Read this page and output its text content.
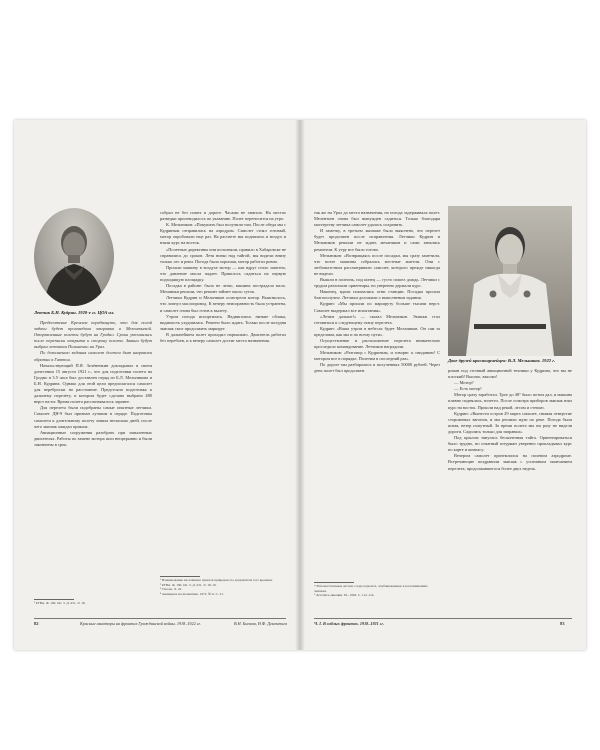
Летчик Б.Н. Кудрин. 1920-е гг. ЦОА ил.

Предпочтение Кремлем передвинуто, что для полой задачи будет произведена отправка в Мелентьевой. Отправленные полеты будут на Гродно. Сроки уточнились после переписки открыта и сторону полета. Звании будут выбран летчиком Полыненко на Урал.

По дополнению задания самолет должен быт направлен обратно в Гаттон.

Начальствующий П.Я. Зелёненкин докладывал в своем донесении 15 августа 1921 г., что для подготовки полета на Гродно в 3.5 часа был доставлен отряд из Б.Л. Мельникова и Б.Н. Кудрина. Однако для этой цели предполагался самолет для переброски на расстояние. Предстояла подготовка к дальнему перелёту, в котором будет сделано выбрано 480 верст на юг. Время полета рассчитывалось заранее.

Для перелета были подобраны самые опытные летчики. Самолет ДН-9 был признан лучшим в отряде. Подготовка самолета к длительному полету заняла несколько дней, после чего экипаж ожидал приказа.

Авиационные сооружения разобрать при запыленных двигателях. Работы по замене мотора шли непрерывно и были закончены в срок.

¹ РГВА. Ф. 190. Оп. 3. Д. 431. Л. 16.

собрал не без помех в дороге. Часами не хватало. На местах разведки производилось по указанию. Полет переносится на утро.

К. Мельников: «Покушать был получили там. После обеда мы с Кудриным отправились на аэродром. Самолет стоял готовый, мотор опробовали еще раз. На рассвете мы поднялись в воздух и взяли курс на восток.

«Полетные директивы они исполняли, правило в Хабаровске не справились до сроков. Летя низко над тайгой, мы видели внизу только лес и реки. Погода была хорошая, мотор работал ровно.

Прошли машину в воздухе мотор — как вдруг стало заметно, что давление масла падает. Пришлось садиться на первую подходящую площадку.

Посадка в районе: было не легко, машина пострадала мало. Механики решали, что ремонт займет около суток.

Летчики Кудрин и Мельников осмотрели мотор. Выяснилось, что лопнул маслопровод. К вечеру неисправность была устранена, и самолет снова был готов к вылету.

Утром погода испортилась. Надвигались низкие облака, видимость ухудшилась. Решено было ждать. Только после полудня экипаж смог продолжить маршрут.

В дальнейшем полет проходил нормально. Двигатель работал без перебоев, и к вечеру самолет достиг места назначения.

¹ Наименование населённых пунктов приведено по документам того времени.
² РГВА. Ф. 190. Оп. 3. Д. 431. Л. 18–19.
³ Там же. Л. 22.
⁴ Авиация и космонавтика. 1972. № 6. С. 31.
82	Красные авиаторы на фронтах Гражданской войны. 1918–1922 гг.	В.Н. Бычков, Н.Ф. Дементьев

так же на Урал до места назначения, но погода задерживала полет. Мелентьев снова был вынужден садиться. Только благодаря мастерству летчика самолет удалось сохранить.

И заметку, в третьем экипаже было выяснено, что перелет будет продолжен после исправления. Летчики Кудрин и Мельников решили не ждать механиков и сами занялись ремонтом. К утру все было готово.

Мельников: «Возвращаясь после посадки, мы сразу заметили, что возле машины собрались местные жители. Они с любопытством рассматривали самолет, которого прежде никогда не видели.

Вышли в полночь, под конец — густо пошел дождь. Летчики с трудом различали ориентиры, но уверенно держали курс.

Наконец, вдали показались огни станции. Посадка прошла благополучно. Летчики доложили о выполнении задания.

Кудрин: «Мы прошли по маршруту больше тысячи верст. Самолет выдержал все испытания».

«Летим дальше!» — сказал Мельников. Экипаж стал готовиться к следующему этапу перелета.

Кудрин: «Ваша утром в небесах будет Мельников. Он сам за пределами, как мы и по всему пути».

Осуществление и расположение перелета внимательно проследило командование. Летчиков наградили.

Мельников: «Разговор с Кудриным, и говорю: к свиданию! С мотором все в порядке. Полетим в последний раз».

По дороге мы разбирались в полученных 50000 рублей. Через день полет был продолжен.

* Вспомогательные детали о ходе перелета, опубликованные в воспоминаниях экипажа.
¹ Летопись авиации. М., 1963. С. 112–114.
Двое друзей красноармейцев: В.Л. Мельников. 1922 г.

роман под сточный авиационной техники у Кудрина, что вы не плоский! Высоко, высоко!

— Мотор?

— Есть мотор!

Мотор сразу заработал. Трое до 48° было потом дал, и машина плавно поднялась, взлетел. После осмотра приборов экипаж взял курс на восток. Прошли над рекой, лесом и степью.

Кудрин: «Вынести остров 29 марта самолет, снимая отверстие сторожевых вагонов, и мы решили идти по реке. Погода была ясная, ветер попутный. За время полета мы ни разу не видели дороги. Садились только для заправки».

Под крылом тянулась бесконечная тайга. Ориентироваться было трудно, но опытный штурман уверенно прокладывал курс по карте и компасу.

Вечером самолет приземлился на полевом аэродроме. Встречающие поздравили экипаж с успешным окончанием перелета, продолжавшегося более двух недель.

Ч. I. В гиблых фронтах. 1918–1921 гг.	83
